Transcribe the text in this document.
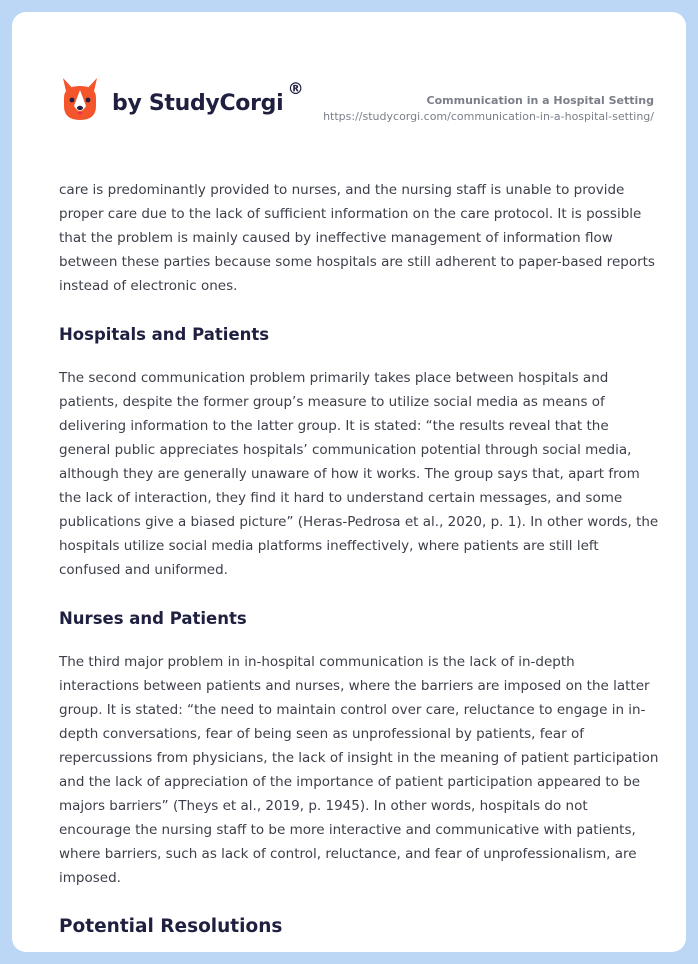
by StudyCorgi
®
Communication in a Hospital Setting
https://studycorgi.com/communication-in-a-hospital-setting/

care is predominantly provided to nurses, and the nursing staff is unable to provide proper care due to the lack of sufficient information on the care protocol. It is possible that the problem is mainly caused by ineffective management of information flow between these parties because some hospitals are still adherent to paper-based reports instead of electronic ones.

Hospitals and Patients

The second communication problem primarily takes place between hospitals and patients, despite the former group’s measure to utilize social media as means of delivering information to the latter group. It is stated: “the results reveal that the general public appreciates hospitals’ communication potential through social media, although they are generally unaware of how it works. The group says that, apart from the lack of interaction, they find it hard to understand certain messages, and some publications give a biased picture” (Heras-Pedrosa et al., 2020, p. 1). In other words, the hospitals utilize social media platforms ineffectively, where patients are still left confused and uniformed.

Nurses and Patients

The third major problem in in-hospital communication is the lack of in-depth interactions between patients and nurses, where the barriers are imposed on the latter group. It is stated: “the need to maintain control over care, reluctance to engage in in-depth conversations, fear of being seen as unprofessional by patients, fear of repercussions from physicians, the lack of insight in the meaning of patient participation and the lack of appreciation of the importance of patient participation appeared to be majors barriers” (Theys et al., 2019, p. 1945). In other words, hospitals do not encourage the nursing staff to be more interactive and communicative with patients, where barriers, such as lack of control, reluctance, and fear of unprofessionalism, are imposed.

Potential Resolutions
